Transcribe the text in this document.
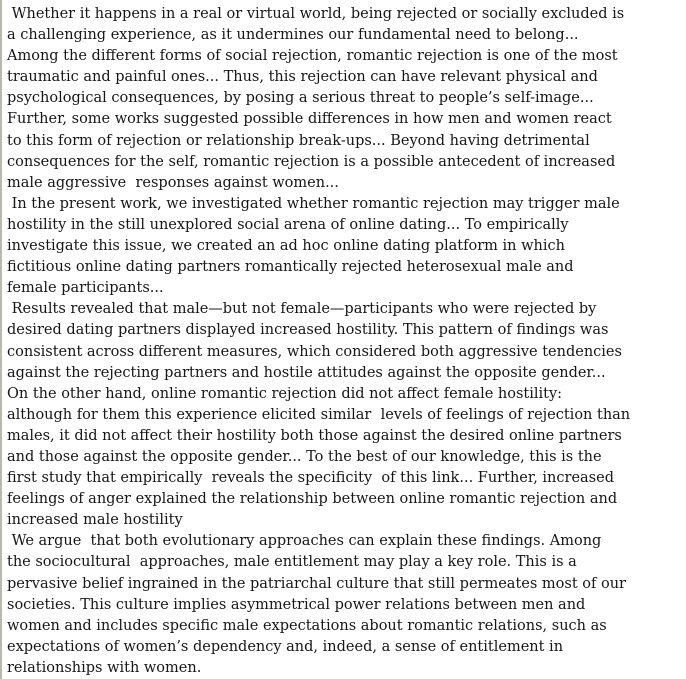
Whether it happens in a real or virtual world, being rejected or socially excluded is
a challenging experience, as it undermines our fundamental need to belong...
Among the different forms of social rejection, romantic rejection is one of the most
traumatic and painful ones... Thus, this rejection can have relevant physical and
psychological consequences, by posing a serious threat to people’s self-image...
Further, some works suggested possible differences in how men and women react
to this form of rejection or relationship break-ups... Beyond having detrimental
consequences for the self, romantic rejection is a possible antecedent of increased
male aggressive  responses against women...
In the present work, we investigated whether romantic rejection may trigger male
hostility in the still unexplored social arena of online dating... To empirically
investigate this issue, we created an ad hoc online dating platform in which
fictitious online dating partners romantically rejected heterosexual male and
female participants...
Results revealed that male—but not female—participants who were rejected by
desired dating partners displayed increased hostility. This pattern of findings was
consistent across different measures, which considered both aggressive tendencies
against the rejecting partners and hostile attitudes against the opposite gender...
On the other hand, online romantic rejection did not affect female hostility:
although for them this experience elicited similar  levels of feelings of rejection than
males, it did not affect their hostility both those against the desired online partners
and those against the opposite gender... To the best of our knowledge, this is the
first study that empirically  reveals the specificity  of this link... Further, increased
feelings of anger explained the relationship between online romantic rejection and
increased male hostility
We argue  that both evolutionary approaches can explain these findings. Among
the sociocultural  approaches, male entitlement may play a key role. This is a
pervasive belief ingrained in the patriarchal culture that still permeates most of our
societies. This culture implies asymmetrical power relations between men and
women and includes specific male expectations about romantic relations, such as
expectations of women’s dependency and, indeed, a sense of entitlement in
relationships with women.
